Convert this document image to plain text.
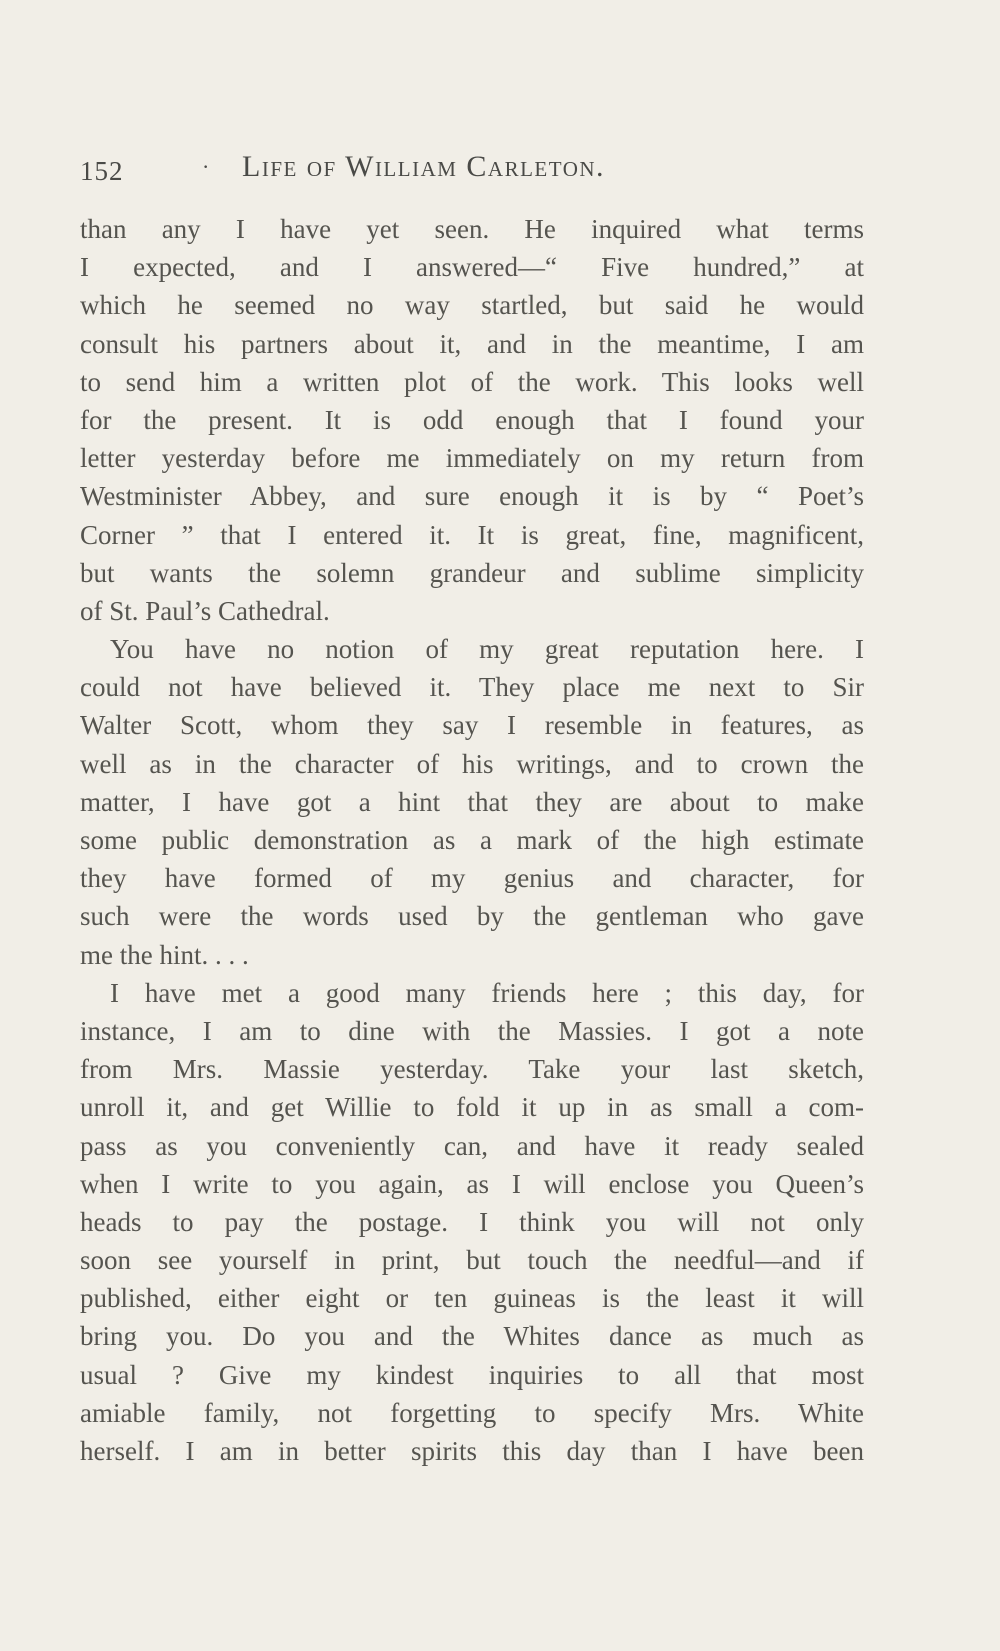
152	· Life of William Carleton.
than any I have yet seen. He inquired what terms
I expected, and I answered—“ Five hundred,” at
which he seemed no way startled, but said he would
consult his partners about it, and in the meantime, I am
to send him a written plot of the work. This looks well
for the present. It is odd enough that I found your
letter yesterday before me immediately on my return from
Westminister Abbey, and sure enough it is by “ Poet’s
Corner ” that I entered it. It is great, fine, magnificent,
but wants the solemn grandeur and sublime simplicity
of St. Paul’s Cathedral.
You have no notion of my great reputation here. I
could not have believed it. They place me next to Sir
Walter Scott, whom they say I resemble in features, as
well as in the character of his writings, and to crown the
matter, I have got a hint that they are about to make
some public demonstration as a mark of the high estimate
they have formed of my genius and character, for
such were the words used by the gentleman who gave
me the hint. . . .
I have met a good many friends here ; this day, for
instance, I am to dine with the Massies. I got a note
from Mrs. Massie yesterday. Take your last sketch,
unroll it, and get Willie to fold it up in as small a com-
pass as you conveniently can, and have it ready sealed
when I write to you again, as I will enclose you Queen’s
heads to pay the postage. I think you will not only
soon see yourself in print, but touch the needful—and if
published, either eight or ten guineas is the least it will
bring you. Do you and the Whites dance as much as
usual ? Give my kindest inquiries to all that most
amiable family, not forgetting to specify Mrs. White
herself. I am in better spirits this day than I have been
